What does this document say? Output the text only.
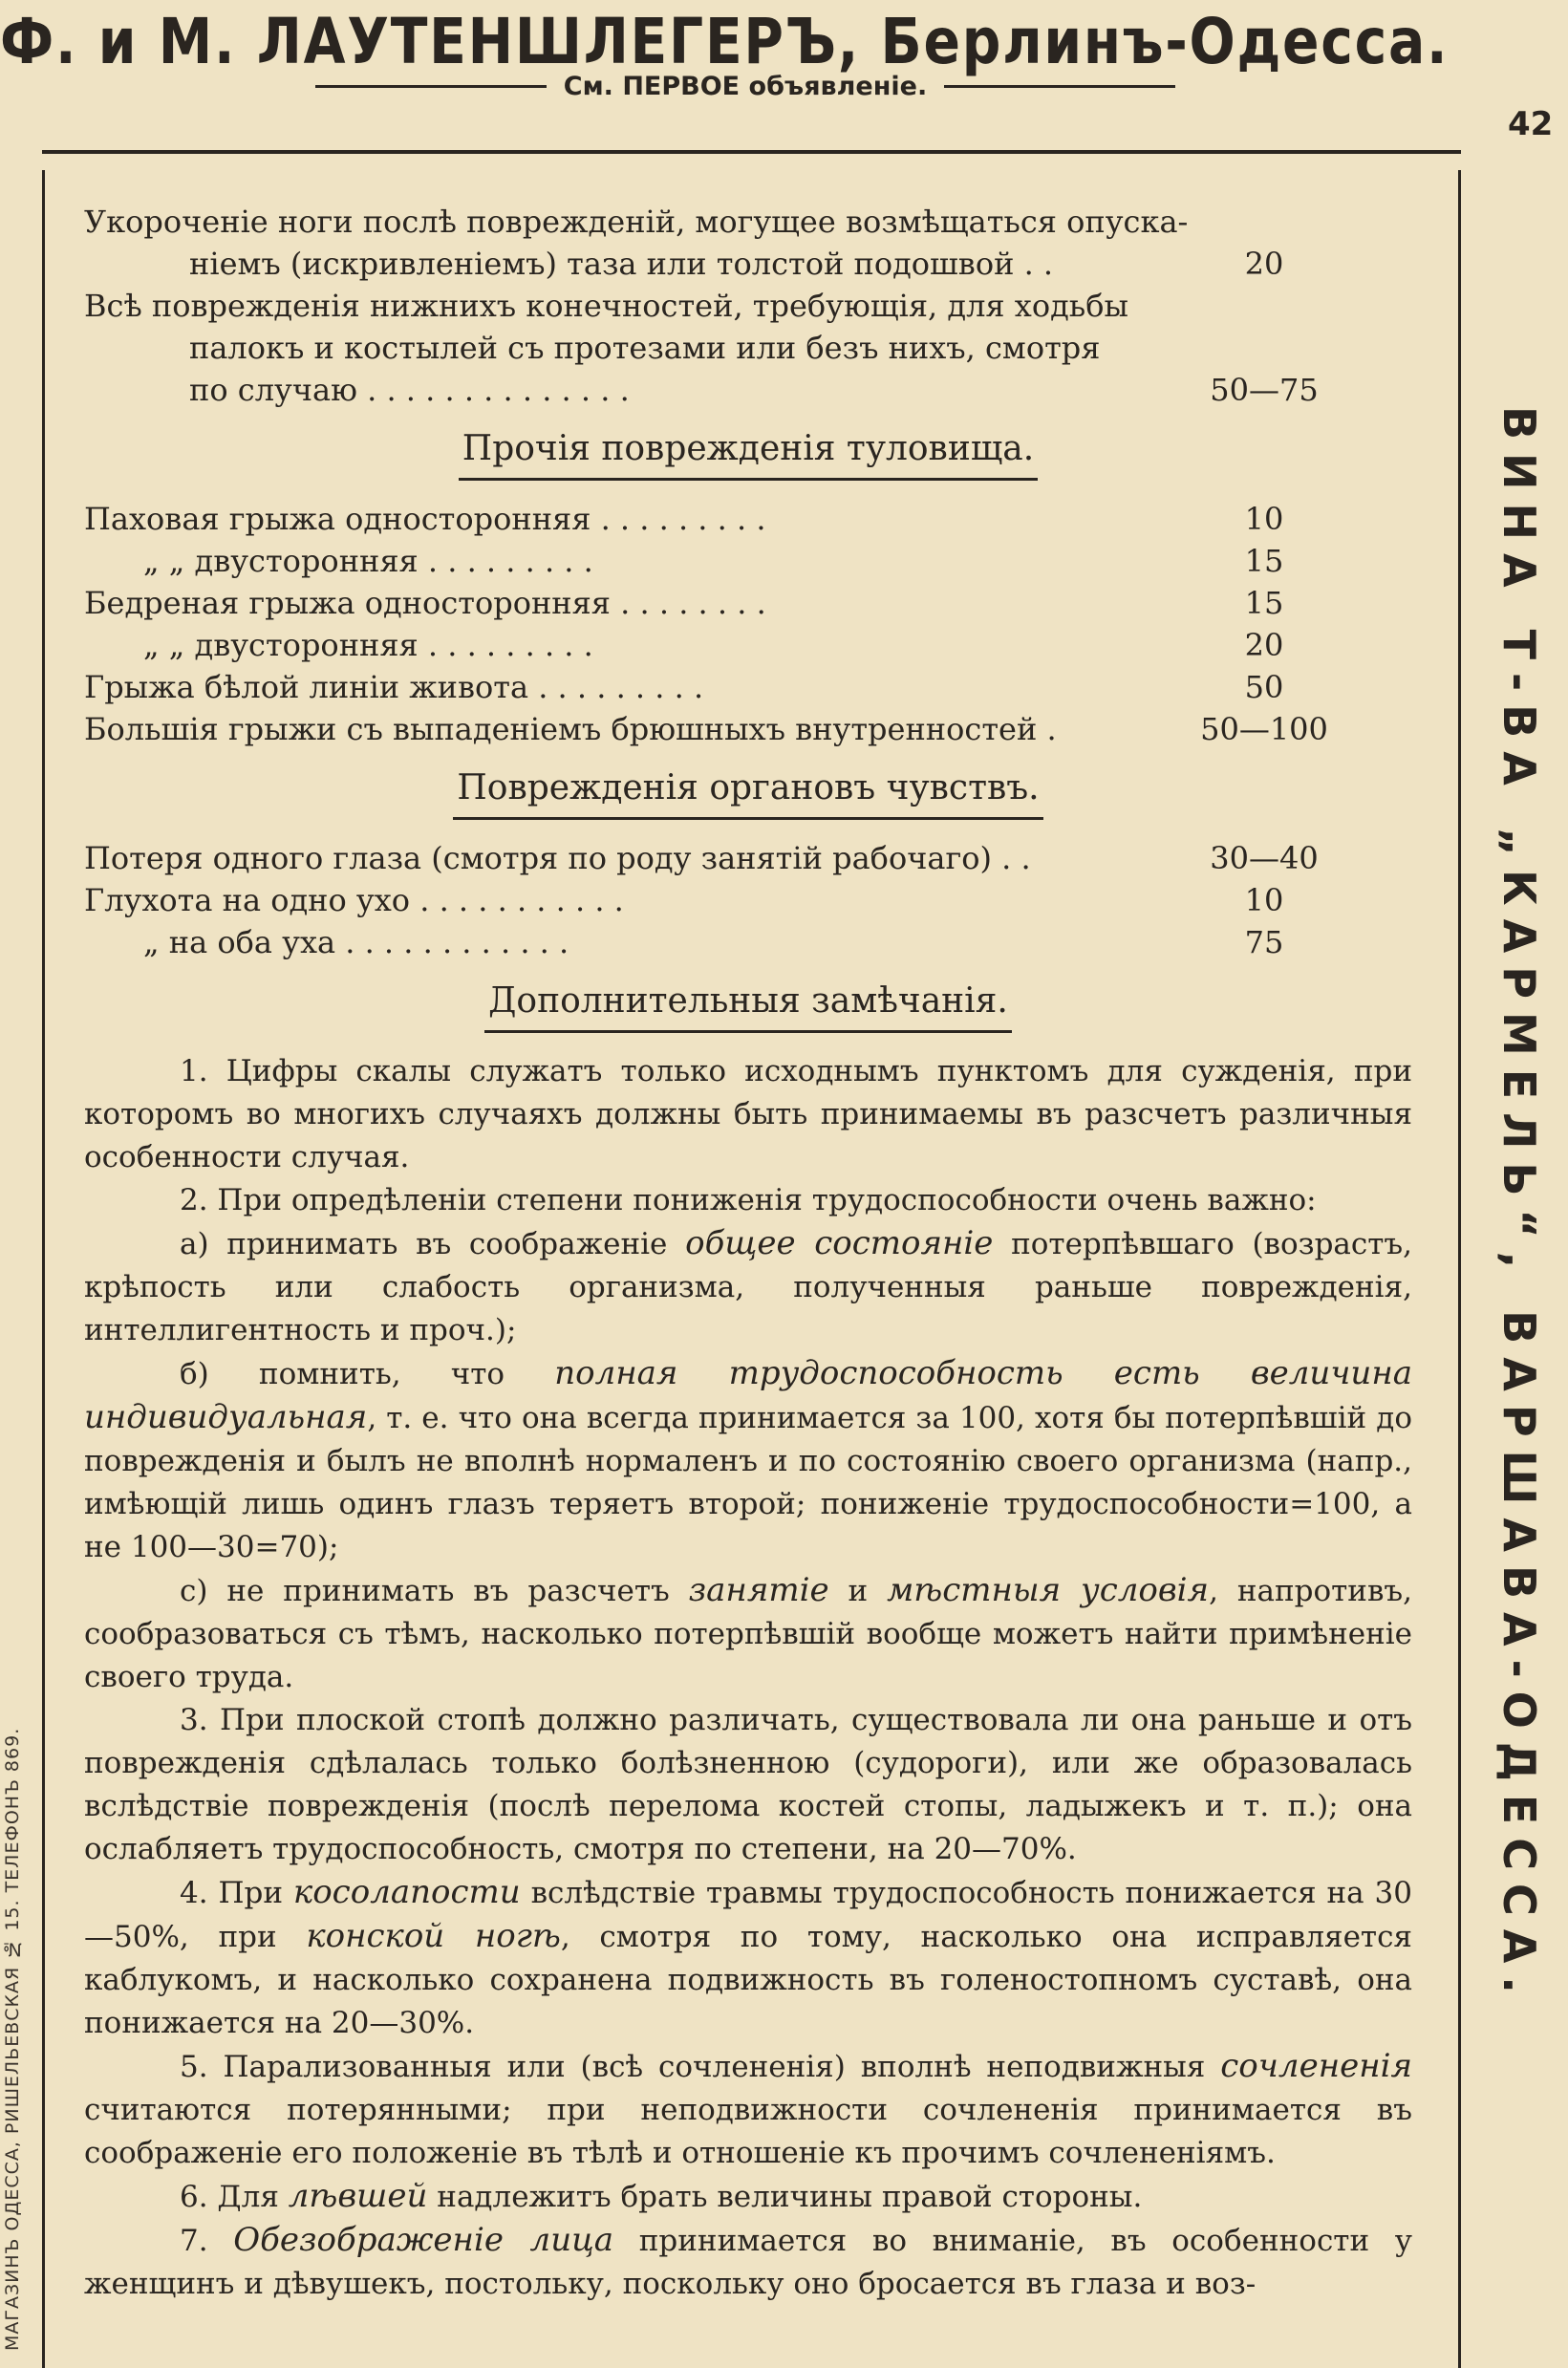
Ф. и М. ЛАУТЕНШЛЕГЕРЪ, Берлинъ-Одесса.
См. ПЕРВОЕ объявленіе.
42
ВИНА Т-ВА „КАРМЕЛЬ“, ВАРШАВА-ОДЕССА.
МАГАЗИНЪ ОДЕССА, РИШЕЛЬЕВСКАЯ № 15. ТЕЛЕФОНЪ 869.
Укороченіе ноги послѣ поврежденій, могущее возмѣщаться опуска-
ніемъ (искривленіемъ) таза или толстой подошвой . .	20
Всѣ поврежденія нижнихъ конечностей, требующія, для ходьбы
палокъ и костылей съ протезами или безъ нихъ, смотря
по случаю . . . . . . . . . . . . . .	50—75
Прочія поврежденія туловища.
Паховая грыжа односторонняя . . . . . . . . .	10
„ „ двусторонняя . . . . . . . . .	15
Бедреная грыжа односторонняя . . . . . . . .	15
„ „ двусторонняя . . . . . . . . .	20
Грыжа бѣлой линіи живота . . . . . . . . .	50
Большія грыжи съ выпаденіемъ брюшныхъ внутренностей .	50—100
Поврежденія органовъ чувствъ.
Потеря одного глаза (смотря по роду занятій рабочаго) . .	30—40
Глухота на одно ухо . . . . . . . . . . .	10
„ на оба уха . . . . . . . . . . . .	75
Дополнительныя замѣчанія.

1. Цифры скалы служатъ только исходнымъ пунктомъ для сужденія, при которомъ во многихъ случаяхъ должны быть принимаемы въ разсчетъ различныя особенности случая.

2. При опредѣленіи степени пониженія трудоспособности очень важно:

а) принимать въ соображеніе общее состояніе потерпѣвшаго (возрастъ, крѣпость или слабость организма, полученныя раньше поврежденія, интеллигентность и проч.);

б) помнить, что полная трудоспособность есть величина индивидуальная, т. е. что она всегда принимается за 100, хотя бы потерпѣвшій до поврежденія и былъ не вполнѣ нормаленъ и по состоянію своего организма (напр., имѣющій лишь одинъ глазъ теряетъ второй; пониженіе трудоспособности=100, а не 100—30=70);

с) не принимать въ разсчетъ занятіе и мѣстныя условія, напротивъ, сообразоваться съ тѣмъ, насколько потерпѣвшій вообще можетъ найти примѣненіе своего труда.

3. При плоской стопѣ должно различать, существовала ли она раньше и отъ поврежденія сдѣлалась только болѣзненною (судороги), или же образовалась вслѣдствіе поврежденія (послѣ перелома костей стопы, ладыжекъ и т. п.); она ослабляетъ трудоспособность, смотря по степени, на 20—70%.

4. При косолапости вслѣдствіе травмы трудоспособность понижается на 30—50%, при конской ногѣ, смотря по тому, насколько она исправляется каблукомъ, и насколько сохранена подвижность въ голеностопномъ суставѣ, она понижается на 20—30%.

5. Парализованныя или (всѣ сочлененія) вполнѣ неподвижныя сочлененія считаются потерянными; при неподвижности сочлененія принимается въ соображеніе его положеніе въ тѣлѣ и отношеніе къ прочимъ сочлененіямъ.

6. Для лѣвшей надлежитъ брать величины правой стороны.

7. Обезображеніе лица принимается во вниманіе, въ особенности у женщинъ и дѣвушекъ, постольку, поскольку оно бросается въ глаза и воз-
